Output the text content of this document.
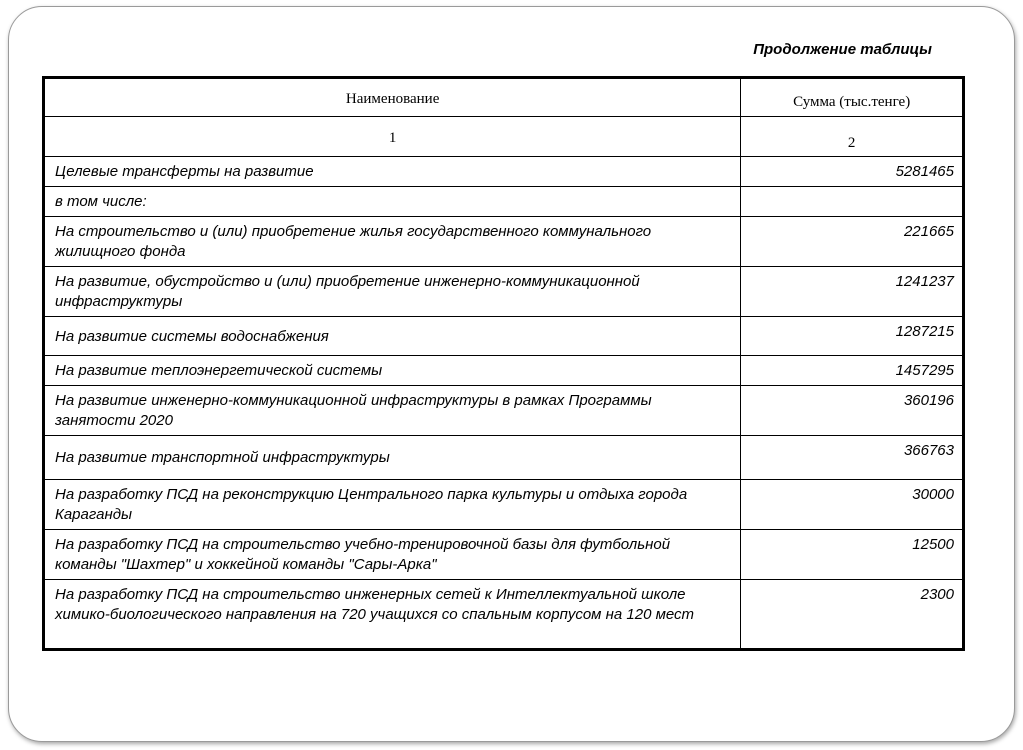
Продолжение таблицы
Наименование	Сумма (тыс.тенге)

1	2

Целевые трансферты на развитие	5281465
в том числе:	
На строительство и (или) приобретение жилья государственного коммунального жилищного фонда	221665
На развитие, обустройство и (или) приобретение инженерно-коммуникационной инфраструктуры	1241237
На развитие системы водоснабжения	1287215
На развитие теплоэнергетической системы	1457295
На развитие инженерно-коммуникационной инфраструктуры в рамках Программы занятости 2020	360196
На развитие транспортной инфраструктуры	366763
На разработку ПСД на реконструкцию Центрального парка культуры и отдыха города Караганды	30000
На разработку ПСД на строительство учебно-тренировочной базы для футбольной команды "Шахтер" и хоккейной команды "Сары-Арка"	12500
На разработку ПСД на строительство инженерных сетей к Интеллектуальной школе химико-биологического направления на 720 учащихся со спальным корпусом на 120 мест	2300
